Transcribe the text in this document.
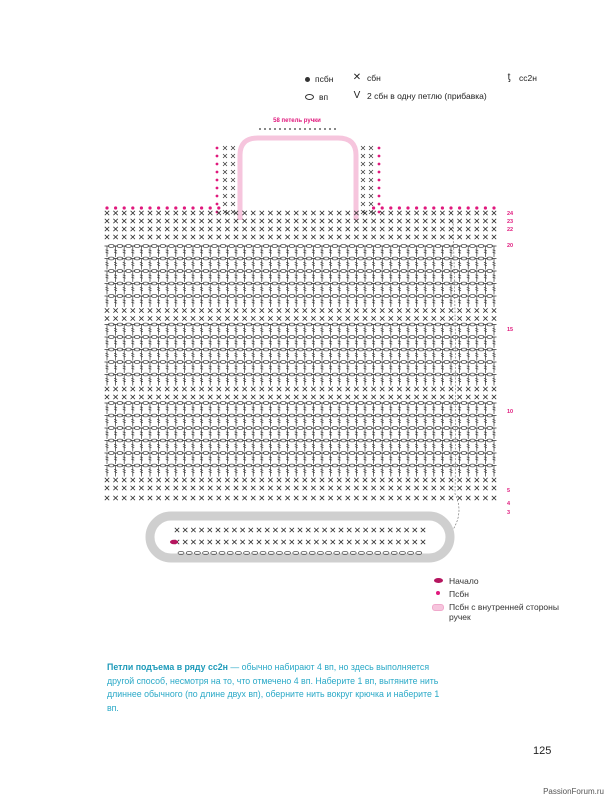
псбн ✕ сбн	ƫ	сс2н
вп	V 2 сбн в одну петлю (прибавка)
58 петель ручки
24
23
22
20
15
10
5
4
3
Начало
Псбн
Псбн с внутренней стороны ручек
Петли подъема в ряду сс2н — обычно набирают 4 вп, но здесь выполняется другой способ, несмотря на то, что отмечено 4 вп. Наберите 1 вп, вытяните нить длиннее обычного (по длине двух вп), оберните нить вокруг крючка и наберите 1 вп.
125
PassionForum.ru
